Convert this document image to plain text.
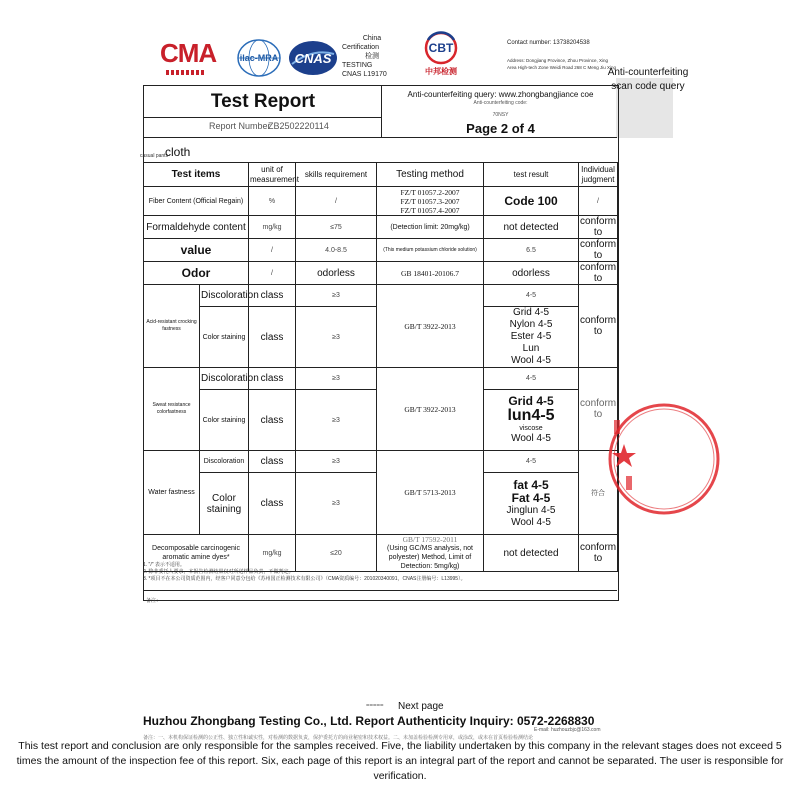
CMA	ilac-MRA CNAS
China
Certification
检测
TESTING
CNAS L19170
CBT
中邦检测
Contact number: 13738204538
Address: Dongjiang Province, Zhou Province, Xing Area High-tech Zone Weidi Road 268 C Meng Jiu Xing
Anti-counterfeiting scan code query
Test Report
Report Number
ZB2502220114
Anti-counterfeiting query: www.zhongbangjiance coe
Anti-counterfeiting code:
70NSY
Page 2 of 4
casual pants
cloth
Test items		unit of measurement	skills requirement	Testing method	test result	Individual judgment
Fiber Content (Official Regain)		%	/	FZ/T 01057.2-2007
FZ/T 01057.3-2007
FZ/T 01057.4-2007	Code 100	/
Formaldehyde content		mg/kg	≤75	(Detection limit: 20mg/kg)	not detected	conform to
value		/	4.0-8.5	(This medium potassium chloride solution)	6.5	conform to
Odor		/	odorless	GB 18401-20106.7	odorless	conform to
Acid-resistant crocking fastness	Discoloration	class	≥3	GB/T 3922-2013	4-5	conform to
	Color staining	class	≥3		Grid 4-5
Nylon 4-5
Ester 4-5
Lun
Wool 4-5	

Sweat resistance colorfastness	Discoloration	class	≥3	GB/T 3922-2013	4-5	conform to
	Color staining	class	≥3		Grid 4-5
lun4-5
viscose
Wool 4-5	

Water fastness	Discoloration	class	≥3	GB/T 5713-2013	4-5	符合
	Color staining	class	≥3		fat 4-5
Fat 4-5
Jinglun 4-5
Wool 4-5	

Decomposable carcinogenic aromatic amine dyes*		mg/kg	≤20	GB/T 17592-2011
(Using GC/MS analysis, not polyester) Method, Limit of Detection: 5mg/kg)	not detected	conform to
1. "/" 表示不适用。
2. 除非委托人要求，本报告检测结果仅对所送样品负责，不做判定。
3. *项目不在本公司资质范围内，经客户同意分包给《苏州国正检测技术有限公司》（CMA资质编号：201020340091，CNAS注册编号：L13995）。
备注：
===== Next page
Huzhou Zhongbang Testing Co., Ltd. Report Authenticity Inquiry: 0572-2268830
E-mail: huzhouzbjc@163.com
备注：一、本机构保证检测的公正性、独立性和诚实性，对检测的数据负责，保护委托方的商业秘密和技术权益。二、未加盖检验检测专用章，或涂改，或未在首页检验检测结论
This test report and conclusion are only responsible for the samples received. Five, the liability undertaken by this company in the relevant stages does not exceed 5 times the amount of the inspection fee of this report. Six, each page of this report is an integral part of the report and cannot be separated. The user is responsible for verification.
